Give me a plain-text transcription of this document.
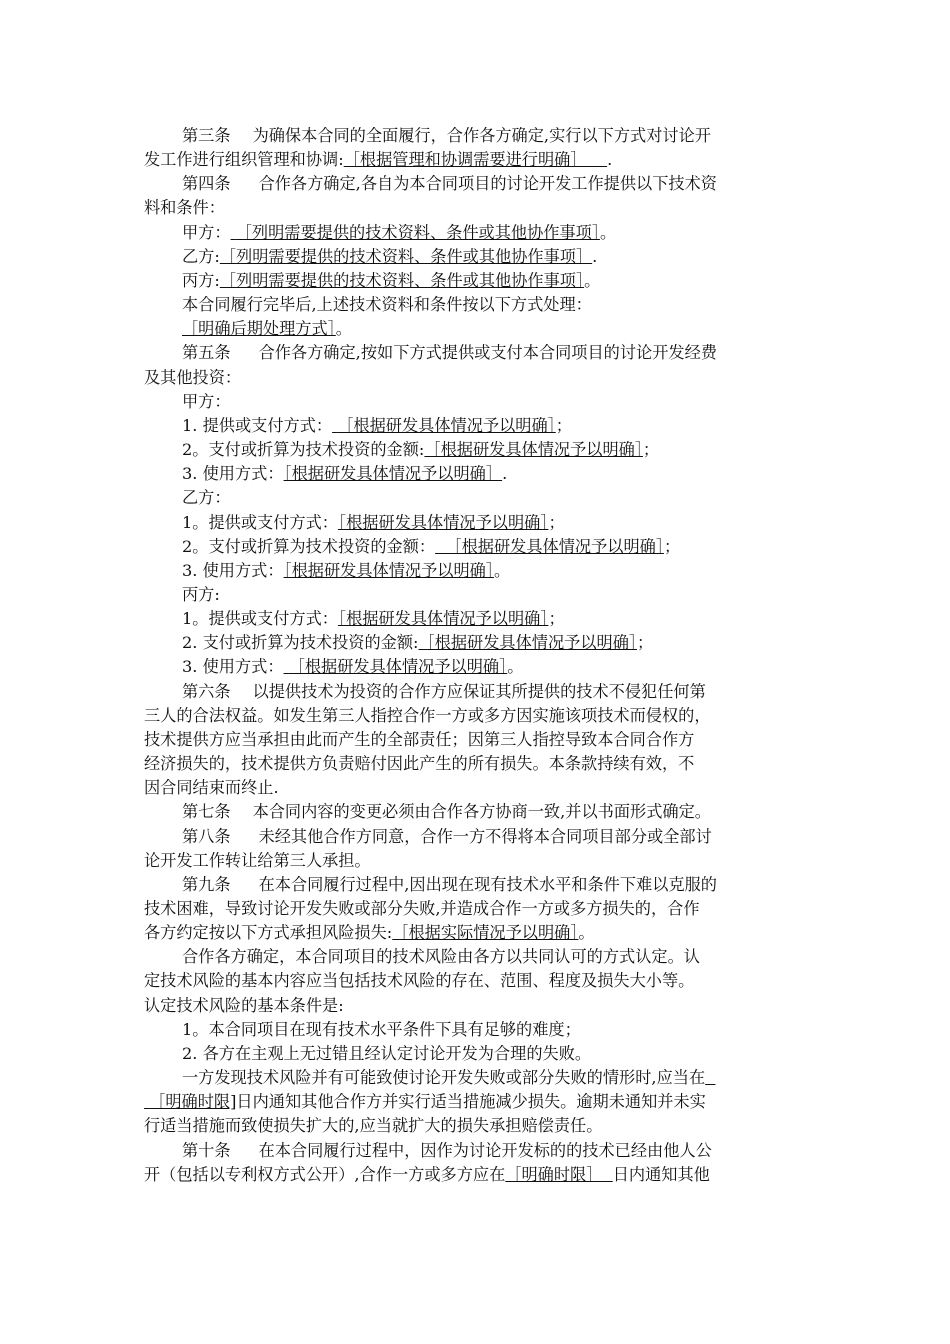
第三条 为确保本合同的全面履行，合作各方确定,实行以下方式对讨论开
发工作进行组织管理和协调:［根据管理和协调需要进行明确］ .
第四条 合作各方确定,各自为本合同项目的讨论开发工作提供以下技术资
料和条件：
甲方： ［列明需要提供的技术资料、条件或其他协作事项］。
乙方:［列明需要提供的技术资料、条件或其他协作事项］.
丙方:［列明需要提供的技术资料、条件或其他协作事项］。
本合同履行完毕后,上述技术资料和条件按以下方式处理：
［明确后期处理方式］。
第五条 合作各方确定,按如下方式提供或支付本合同项目的讨论开发经费
及其他投资：
甲方：
1. 提供或支付方式： ［根据研发具体情况予以明确］；
2。支付或折算为技术投资的金额:［根据研发具体情况予以明确］；
3. 使用方式：［根据研发具体情况予以明确］.
乙方：
1。提供或支付方式：［根据研发具体情况予以明确］；
2。支付或折算为技术投资的金额： ［根据研发具体情况予以明确］；
3. 使用方式：［根据研发具体情况予以明确］。
丙方:
1。提供或支付方式：［根据研发具体情况予以明确］；
2. 支付或折算为技术投资的金额:［根据研发具体情况予以明确］；
3. 使用方式： ［根据研发具体情况予以明确］。
第六条 以提供技术为投资的合作方应保证其所提供的技术不侵犯任何第
三人的合法权益。如发生第三人指控合作一方或多方因实施该项技术而侵权的，
技术提供方应当承担由此而产生的全部责任；因第三人指控导致本合同合作方
经济损失的，技术提供方负责赔付因此产生的所有损失。本条款持续有效，不
因合同结束而终止.
第七条 本合同内容的变更必须由合作各方协商一致,并以书面形式确定。
第八条 未经其他合作方同意，合作一方不得将本合同项目部分或全部讨
论开发工作转让给第三人承担。
第九条 在本合同履行过程中,因出现在现有技术水平和条件下难以克服的
技术困难，导致讨论开发失败或部分失败,并造成合作一方或多方损失的，合作
各方约定按以下方式承担风险损失:［根据实际情况予以明确］。
合作各方确定，本合同项目的技术风险由各方以共同认可的方式认定。认
定技术风险的基本内容应当包括技术风险的存在、范围、程度及损失大小等。
认定技术风险的基本条件是:
1。本合同项目在现有技术水平条件下具有足够的难度；
2. 各方在主观上无过错且经认定讨论开发为合理的失败。
一方发现技术风险并有可能致使讨论开发失败或部分失败的情形时,应当在
［明确时限]日内通知其他合作方并实行适当措施减少损失。逾期未通知并未实
行适当措施而致使损失扩大的,应当就扩大的损失承担赔偿责任。
第十条 在本合同履行过程中，因作为讨论开发标的的技术已经由他人公
开（包括以专利权方式公开）,合作一方或多方应在［明确时限］ 日内通知其他
